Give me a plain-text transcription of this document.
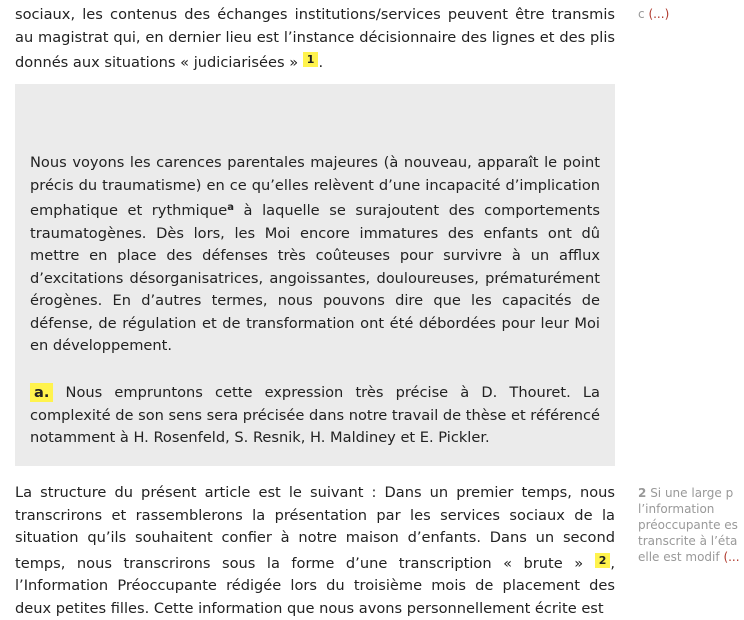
sociaux, les contenus des échanges institutions/services peuvent être transmis au magistrat qui, en dernier lieu est l’instance décisionnaire des lignes et des plis donnés aux situations « judiciarisées » $^1$ .
Nous voyons les carences parentales majeures (à nouveau, apparaît le point précis du traumatisme) en ce qu’elles relèvent d’une incapacité d’implication emphatique et rythmique$^a$ à laquelle se surajoutent des comportements traumatogènes. Dès lors, les Moi encore immatures des enfants ont dû mettre en place des défenses très coûteuses pour survivre à un afflux d’excitations désorganisatrices, angoissantes, douloureuses, prématurément érogènes. En d’autres termes, nous pouvons dire que les capacités de défense, de régulation et de transformation ont été débordées pour leur Moi en développement.
a. Nous empruntons cette expression très précise à D. Thouret. La complexité de son sens sera précisée dans notre travail de thèse et référencé notamment à H. Rosenfeld, S. Resnik, H. Maldiney et E. Pickler.
La structure du présent article est le suivant : Dans un premier temps, nous transcrirons et rassemblerons la présentation par les services sociaux de la situation qu’ils souhaitent confier à notre maison d’enfants. Dans un second temps, nous transcrirons sous la forme d’une transcription « brute » $^2$ , l’Information Préoccupante rédigée lors du troisième mois de placement des deux petites filles. Cette information que nous avons personnellement écrite est
c (...)
2 Si une large p
l’information
préoccupante es
transcrite à l’éta
elle est modif (...
